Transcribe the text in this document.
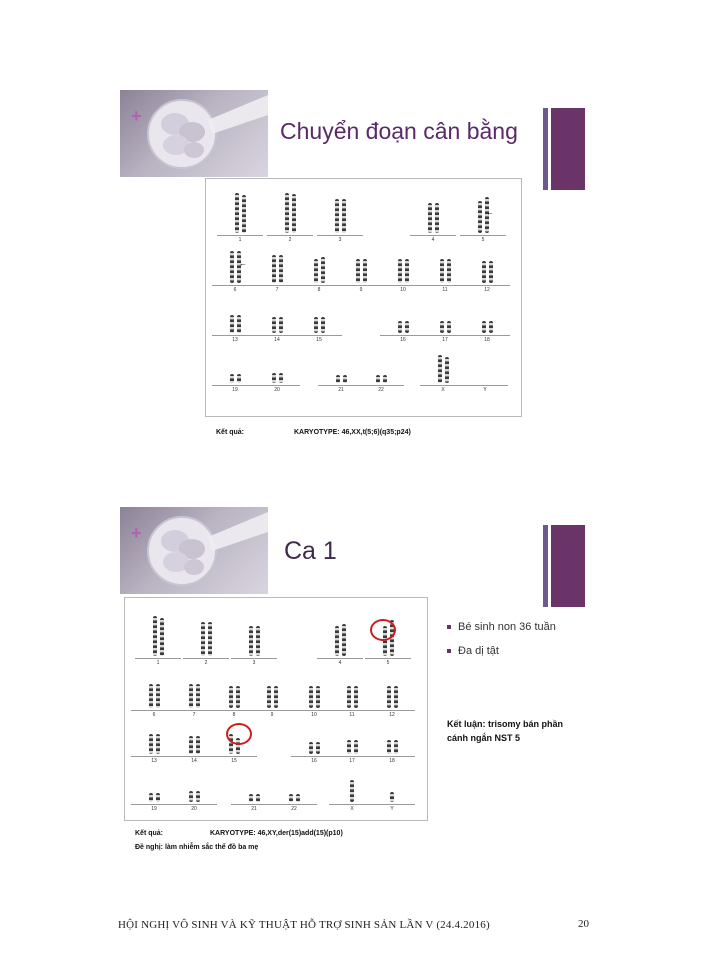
+
Chuyển đoạn cân bằng
1	2	3	4	5
6	7	8	9	10	11	12
13	14	15	16	17	18
19	20	21	22	X	Y
←
←
Kết quả:	KARYOTYPE: 46,XX,t(5;6)(q35;p24)
+
Ca 1
1	2	3	4	5
6	7	8	9	10	11	12
13	14	15	16	17	18
19	20	21	22	X	Y
Bé sinh non 36 tuần
Đa dị tật
Kết luận: trisomy bán phần cánh ngắn NST 5
Kết quả:	KARYOTYPE: 46,XY,der(15)add(15)(p10)
Đề nghị: làm nhiễm sắc thể đồ ba mẹ
HỘI NGHỊ VÔ SINH VÀ KỸ THUẬT HỖ TRỢ SINH SẢN LẦN V (24.4.2016)	20
